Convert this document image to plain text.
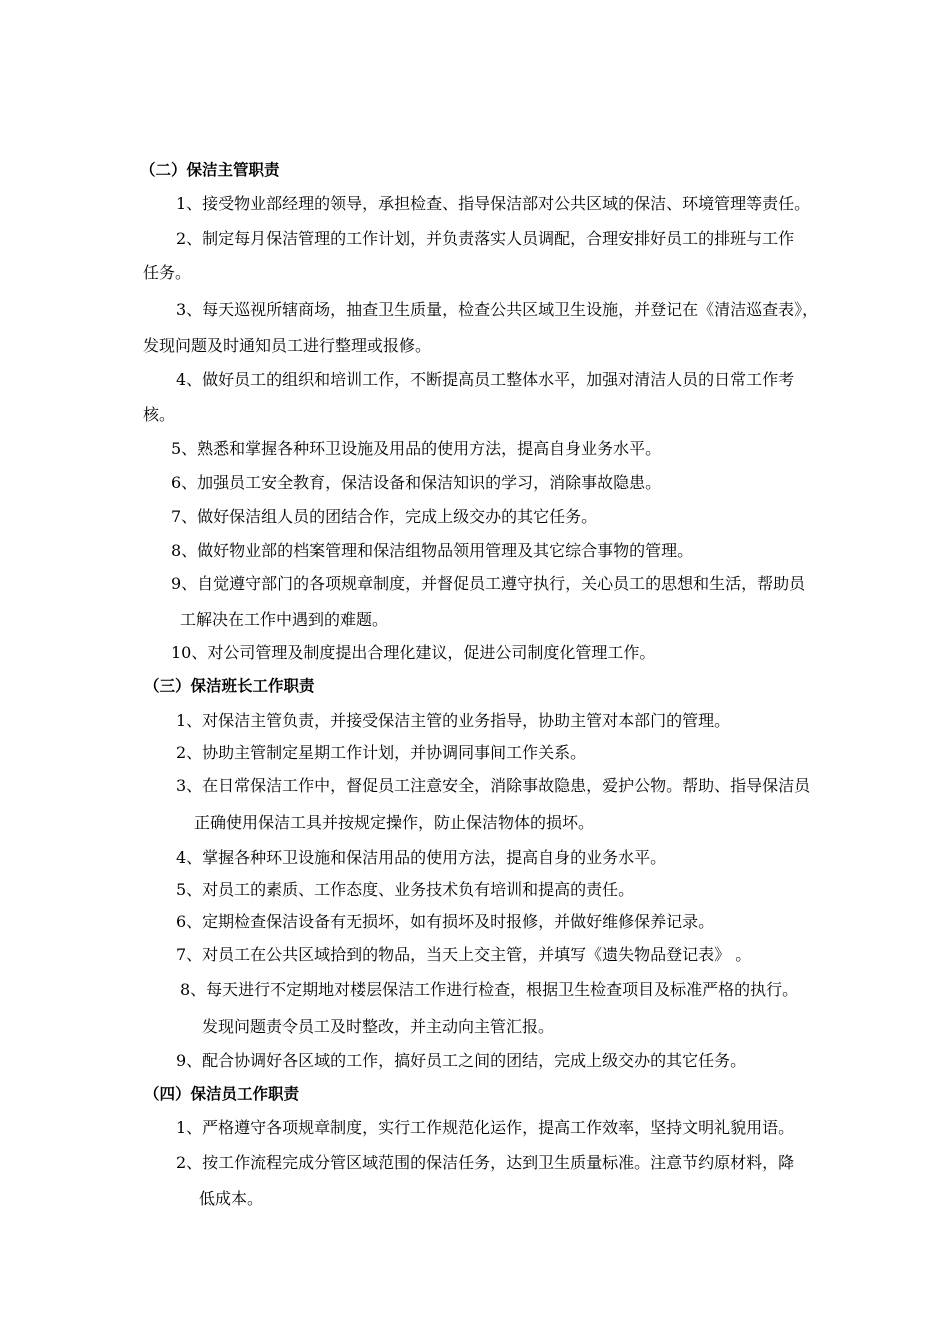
（二）保洁主管职责
1、接受物业部经理的领导，承担检查、指导保洁部对公共区域的保洁、环境管理等责任。
2、制定每月保洁管理的工作计划，并负责落实人员调配，合理安排好员工的排班与工作
任务。
3、每天巡视所辖商场，抽查卫生质量，检查公共区域卫生设施，并登记在《清洁巡查表》，
发现问题及时通知员工进行整理或报修。
4、做好员工的组织和培训工作，不断提高员工整体水平，加强对清洁人员的日常工作考
核。
5、熟悉和掌握各种环卫设施及用品的使用方法，提高自身业务水平。
6、加强员工安全教育，保洁设备和保洁知识的学习，消除事故隐患。
7、做好保洁组人员的团结合作，完成上级交办的其它任务。
8、做好物业部的档案管理和保洁组物品领用管理及其它综合事物的管理。
9、自觉遵守部门的各项规章制度，并督促员工遵守执行，关心员工的思想和生活，帮助员
工解决在工作中遇到的难题。
10、对公司管理及制度提出合理化建议，促进公司制度化管理工作。
（三）保洁班长工作职责
1、对保洁主管负责，并接受保洁主管的业务指导，协助主管对本部门的管理。
2、协助主管制定星期工作计划，并协调同事间工作关系。
3、在日常保洁工作中，督促员工注意安全，消除事故隐患，爱护公物。帮助、指导保洁员
正确使用保洁工具并按规定操作，防止保洁物体的损坏。
4、掌握各种环卫设施和保洁用品的使用方法，提高自身的业务水平。
5、对员工的素质、工作态度、业务技术负有培训和提高的责任。
6、定期检查保洁设备有无损坏，如有损坏及时报修，并做好维修保养记录。
7、对员工在公共区域拾到的物品，当天上交主管，并填写《遗失物品登记表》 。
8、每天进行不定期地对楼层保洁工作进行检查，根据卫生检查项目及标准严格的执行。
发现问题责令员工及时整改，并主动向主管汇报。
9、配合协调好各区域的工作，搞好员工之间的团结，完成上级交办的其它任务。
（四）保洁员工作职责
1、严格遵守各项规章制度，实行工作规范化运作，提高工作效率，坚持文明礼貌用语。
2、按工作流程完成分管区域范围的保洁任务，达到卫生质量标准。注意节约原材料，降
低成本。
